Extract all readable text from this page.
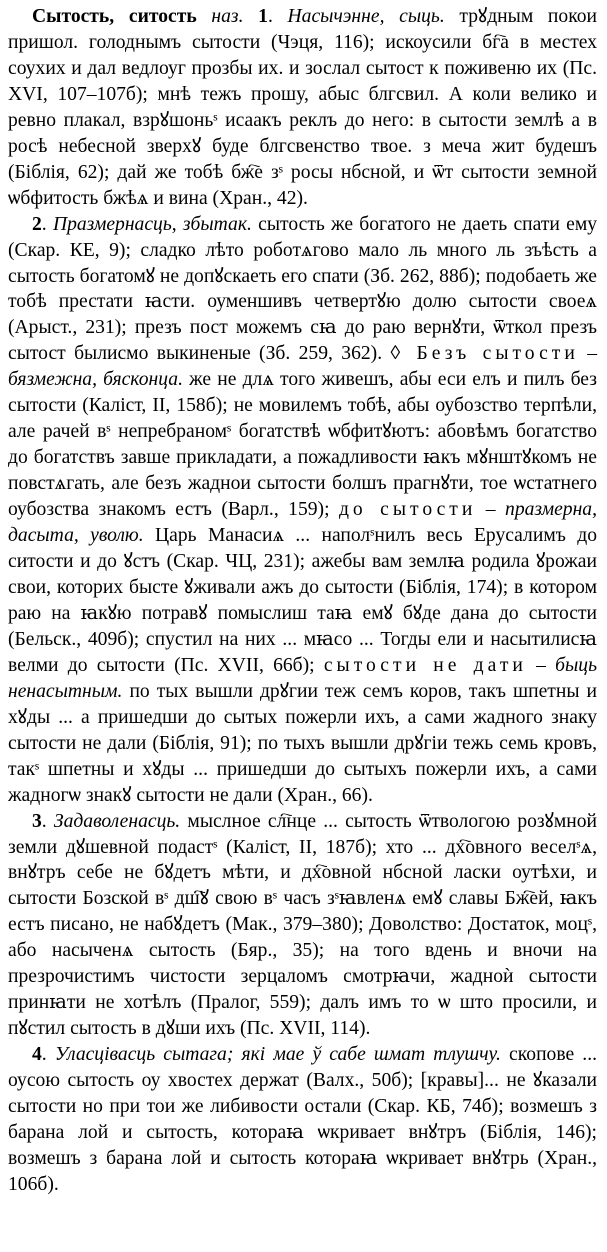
Сытость, ситость наз. 1. Насычэнне, сыць. трꙋдным покои пришол. голоднымъ сытости (Чэця, 116); искоусили бг҇а в местех соухих и дал ведлоуг прозбы их. и зослал сытост к поживеню их (Пс. XVI, 107–107б); мнѣ тежъ прошу, абыс блгсвил. А коли велико и ревно плакал, взрꙋшоньˢ исаакъ реклъ до него: в сытости землѣ а в росѣ небесной зверхꙋ буде блгсвенство твое. з меча жит будешъ (Біблія, 62); дай же тобѣ бж҇е зˢ росы нбсной, и ѿт сытости земной ѡбфитость бжѣѧ и вина (Хран., 42).

2. Празмернасць, збытак. сытость же богатого не даеть спати ему (Скар. КЕ, 9); сладко лѣто роботѧгово мало ль много ль зъѣсть а сытость богатомꙋ не допꙋскаеть его спати (Зб. 262, 88б); подобаеть же тобѣ престати ꙗсти. оуменшивъ четвертꙋю долю сытости своеѧ (Арыст., 231); презъ пост можемъ сꙗ до раю вернꙋти, ѿткол презъ сытост былисмо выкиненые (Зб. 259, 362). ◊ Безъ сытости – бязмежна, бясконца. же не длѧ того живешъ, абы еси елъ и пилъ без сытости (Каліст, II, 158б); не мовилемъ тобѣ, абы оубозство терпѣли, але рачей вˢ непребраномˢ богатствѣ ѡбфитꙋютъ: абовѣмъ богатство до богатствъ завше прикладати, а пожадливости ꙗкъ мꙋнштꙋкомъ не повстѧгать, але безъ жаднои сытости болшъ прагнꙋти, тое ѡстатнего оубозства знакомъ естъ (Варл., 159); до сытости – празмерна, дасыта, уволю. Царь Манасиѧ ... наполˢнилъ весь Ерусалимъ до ситости и до ꙋстъ (Скар. ЧЦ, 231); ажебы вам землꙗ родила ꙋрожаи свои, которих бысте ꙋживали ажъ до сытости (Біблія, 174); в котором раю на ꙗкꙋю потравꙋ помыслиш таꙗ емꙋ бꙋде дана до сытости (Бельск., 409б); спустил на них ... мꙗсо ... Тогды ели и насытилисꙗ велми до сытости (Пс. XVII, 66б); сытости не дати – быць ненасытным. по тых вышли дрꙋгии теж семъ коров, такъ шпетны и хꙋды ... а пришедши до сытых пожерли ихъ, а сами жадного знаку сытости не дали (Біблія, 91); по тыхъ вышли дрꙋгіи тежь семь кровъ, такˢ шпетны и хꙋды ... пришедши до сытыхъ пожерли ихъ, а сами жадногѡ знакꙋ сытости не дали (Хран., 66).

3. Задаволенасць. мыслное сл҇нце ... сытость ѿтвологою розꙋмной земли дꙋшевной подастˢ (Каліст, II, 187б); хто ... дх҇овного веселˢѧ, внꙋтръ себе не бꙋдетъ мѣти, и дх҇овной нбсной ласки оутѣхи, и сытости Бозской вˢ дш҇ꙋ свою вˢ часъ зˢꙗвленѧ емꙋ славы Бж҇ей, ꙗкъ естъ писано, не набꙋдетъ (Мак., 379–380); Доволство: Достаток, моцˢ, або насыченѧ сытость (Бяр., 35); на того вдень и вночи на презрочистимъ чистости зерцаломъ смотрꙗчи, жадноѝ сытости принꙗти не хотѣлъ (Пралог, 559); далъ имъ то ѡ што просили, и пꙋстил сытость в дꙋши ихъ (Пс. XVII, 114).

4. Уласцівасць сытага; які мае ў сабе шмат тлушчу. скопове ... оусою сытость оу хвостех держат (Валх., 50б); [кравы]... не ꙋказали сытости но при тои же либивости остали (Скар. КБ, 74б); возмешъ з барана лой и сытость, котораꙗ ѡкривает внꙋтръ (Біблія, 146); возмешъ з барана лой и сытость котораꙗ ѡкривает внꙋтрь (Хран., 106б).
